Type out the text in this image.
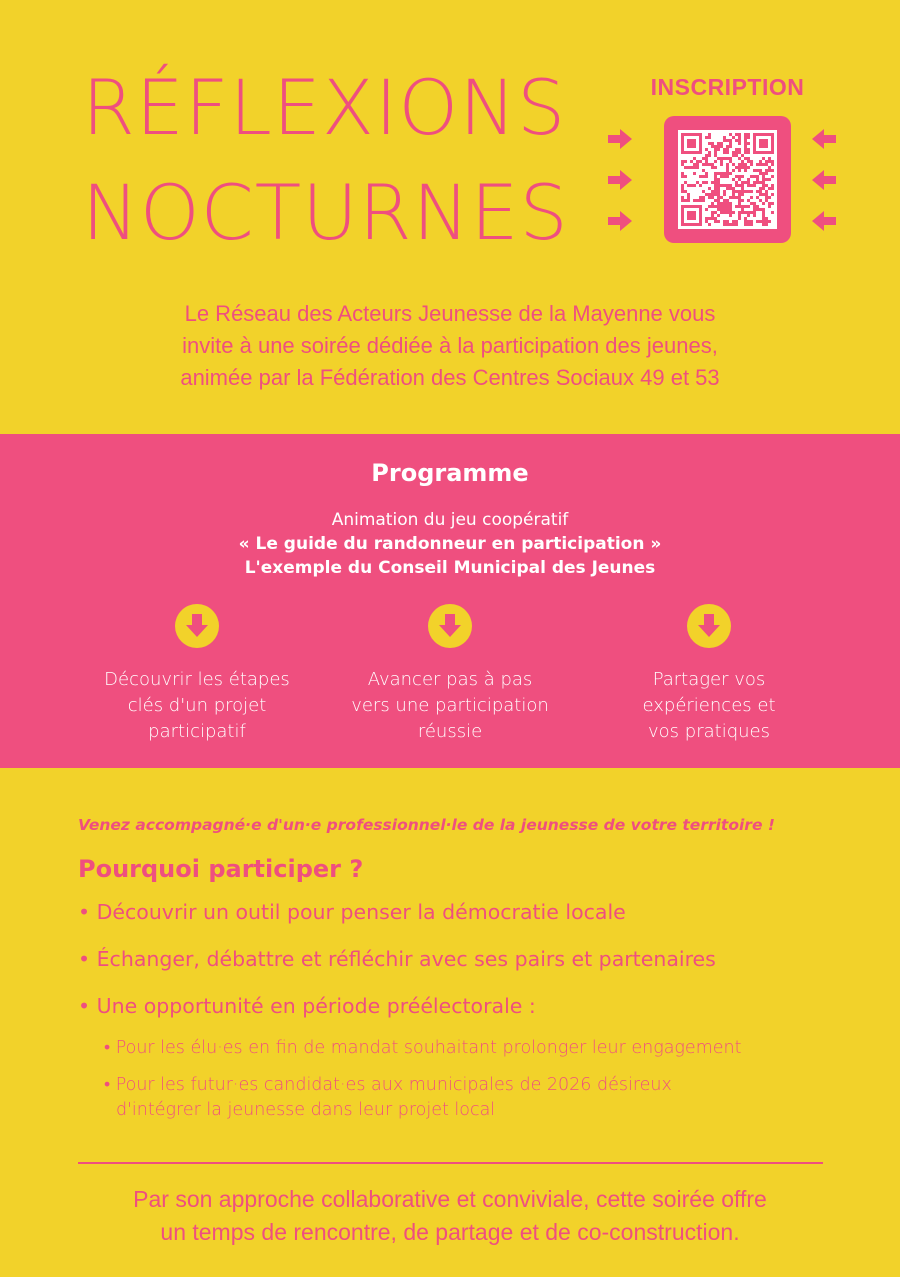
RÉFLEXIONS
NOCTURNES
INSCRIPTION

Le Réseau des Acteurs Jeunesse de la Mayenne vous

invite à une soirée dédiée à la participation des jeunes,

animée par la Fédération des Centres Sociaux 49 et 53

Programme
Animation du jeu coopératif
« Le guide du randonneur en participation »
L'exemple du Conseil Municipal des Jeunes
Découvrir les étapes
clés d'un projet
participatif
Avancer pas à pas
vers une participation
réussie
Partager vos
expériences et
vos pratiques
Venez accompagné·e d'un·e professionnel·le de la jeunesse de votre territoire !
Pourquoi participer ?
• Découvrir un outil pour penser la démocratie locale
• Échanger, débattre et réfléchir avec ses pairs et partenaires
• Une opportunité en période préélectorale :
• Pour les élu·es en fin de mandat souhaitant prolonger leur engagement
• Pour les futur·es candidat·es aux municipales de 2026 désireux
d'intégrer la jeunesse dans leur projet local
Par son approche collaborative et conviviale, cette soirée offre
un temps de rencontre, de partage et de co-construction.
